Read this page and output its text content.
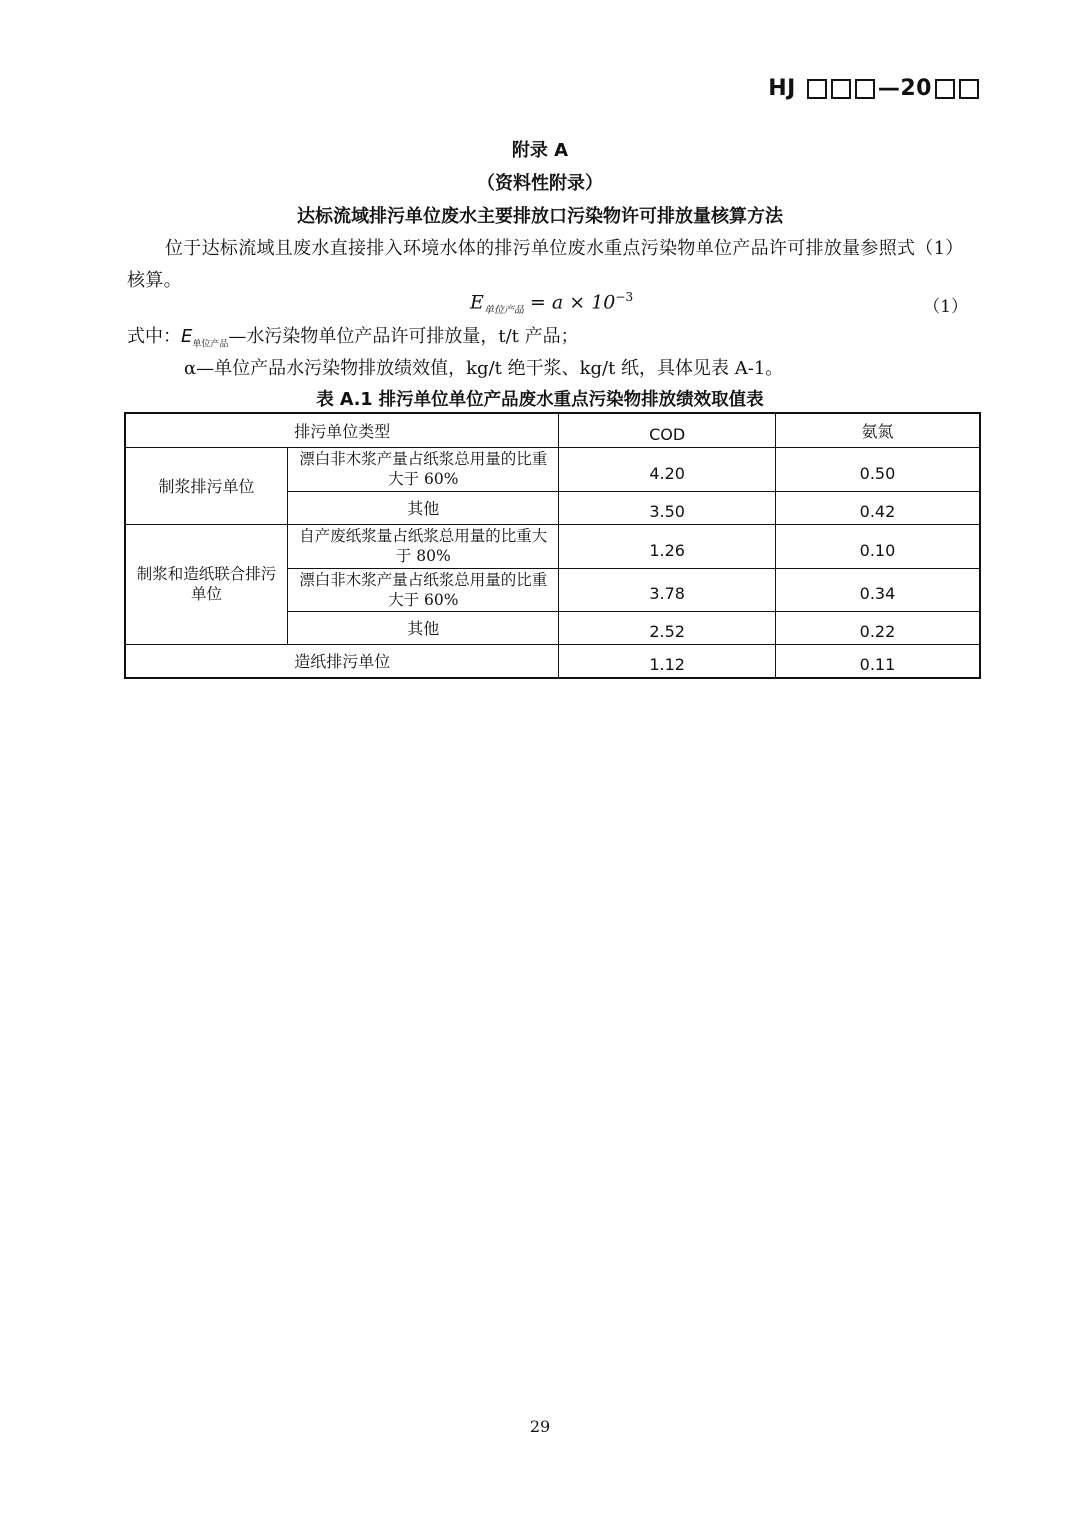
HJ	—20
附录 A
（资料性附录）
达标流域排污单位废水主要排放口污染物许可排放量核算方法
位于达标流域且废水直接排入环境水体的排污单位废水重点污染物单位产品许可排放量参照式（1）核算。
$E_{单位产品} = a \times 10^{-3}$	（1）
式中：$E_{单位产品}—$水污染物单位产品许可排放量，t/t 产品；
α—单位产品水污染物排放绩效值，kg/t 绝干浆、kg/t 纸，具体见表 A-1。
表 A.1 排污单位单位产品废水重点污染物排放绩效取值表
排污单位类型		COD	氨氮
制浆排污单位	漂白非木浆产量占纸浆总用量的比重大于 60%	4.20	0.50
	其他	3.50	0.42
制浆和造纸联合排污单位	自产废纸浆量占纸浆总用量的比重大于 80%	1.26	0.10
	漂白非木浆产量占纸浆总用量的比重大于 60%	3.78	0.34
	其他	2.52	0.22
造纸排污单位		1.12	0.11
29
